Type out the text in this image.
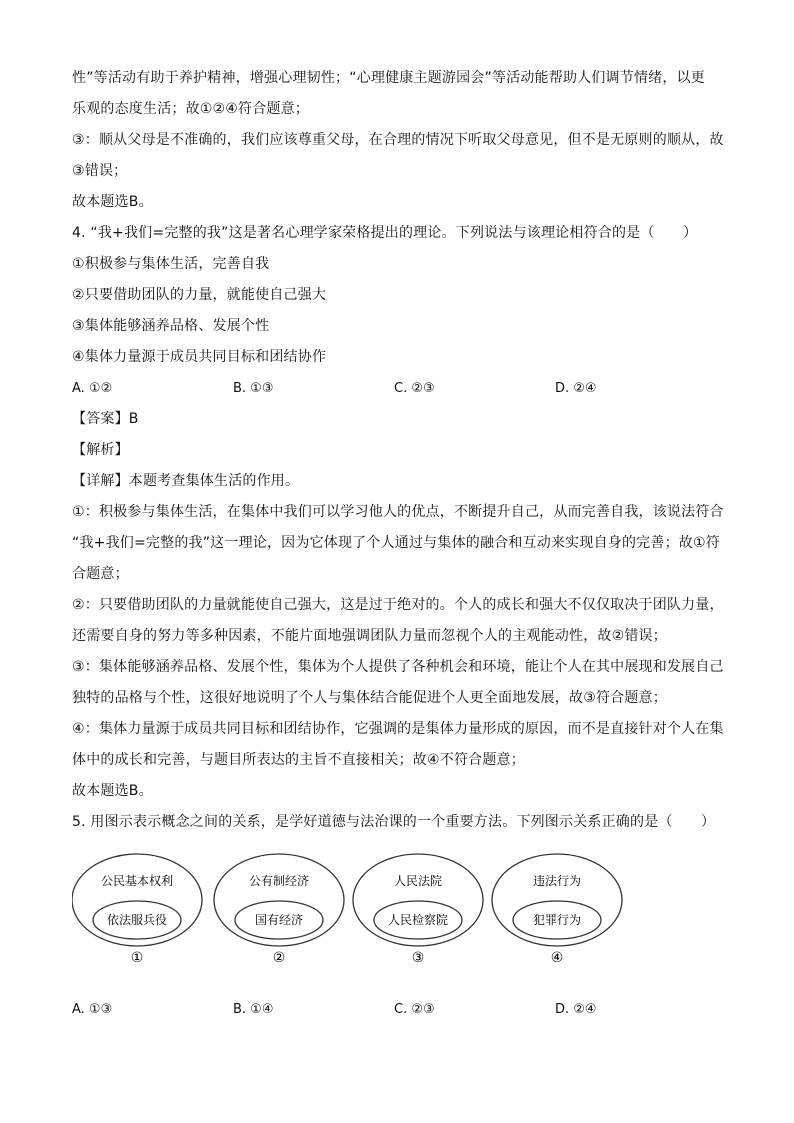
性”等活动有助于养护精神，增强心理韧性；“心理健康主题游园会”等活动能帮助人们调节情绪，以更
乐观的态度生活；故①②④符合题意；
③：顺从父母是不准确的，我们应该尊重父母，在合理的情况下听取父母意见，但不是无原则的顺从，故
③错误；
故本题选B。
4. “我+我们=完整的我”这是著名心理学家荣格提出的理论。下列说法与该理论相符合的是（　　）
①积极参与集体生活，完善自我
②只要借助团队的力量，就能使自己强大
③集体能够涵养品格、发展个性
④集体力量源于成员共同目标和团结协作
A. ①②	B. ①③	C. ②③	D. ②④
【答案】B
【解析】
【详解】本题考查集体生活的作用。
①：积极参与集体生活，在集体中我们可以学习他人的优点，不断提升自己，从而完善自我，该说法符合
“我+我们=完整的我”这一理论，因为它体现了个人通过与集体的融合和互动来实现自身的完善；故①符
合题意；
②：只要借助团队的力量就能使自己强大，这是过于绝对的。个人的成长和强大不仅仅取决于团队力量，
还需要自身的努力等多种因素，不能片面地强调团队力量而忽视个人的主观能动性，故②错误；
③：集体能够涵养品格、发展个性，集体为个人提供了各种机会和环境，能让个人在其中展现和发展自己
独特的品格与个性，这很好地说明了个人与集体结合能促进个人更全面地发展，故③符合题意；
④：集体力量源于成员共同目标和团结协作，它强调的是集体力量形成的原因，而不是直接针对个人在集
体中的成长和完善，与题目所表达的主旨不直接相关；故④不符合题意；
故本题选B。
5. 用图示表示概念之间的关系，是学好道德与法治课的一个重要方法。下列图示关系正确的是（　　）
公民基本权利
依法服兵役
①
公有制经济
国有经济
②
人民法院
人民检察院
③
违法行为
犯罪行为
④
A. ①③	B. ①④	C. ②③	D. ②④
